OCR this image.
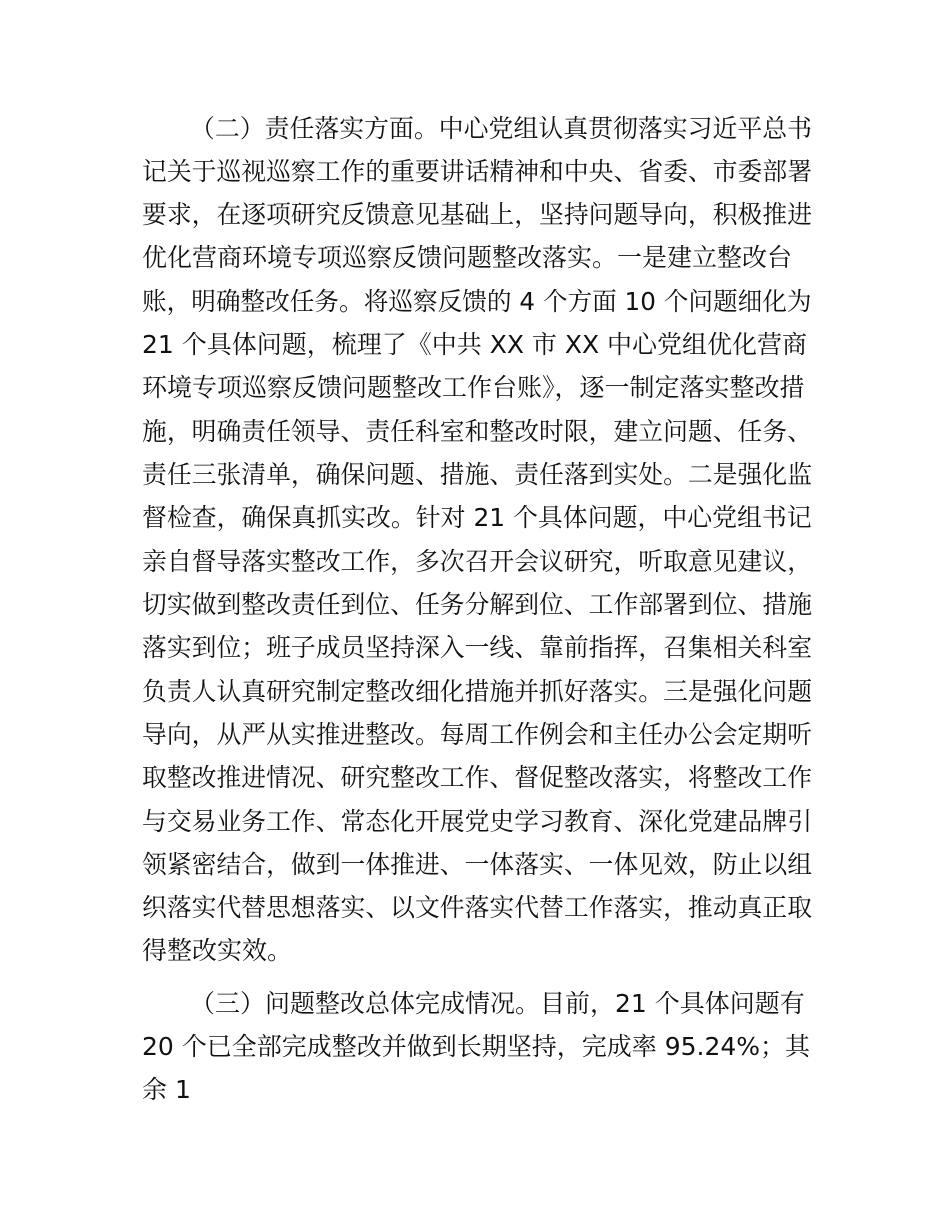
（二）责任落实方面。中心党组认真贯彻落实习近平总书
记关于巡视巡察工作的重要讲话精神和中央、省委、市委部署
要求，在逐项研究反馈意见基础上，坚持问题导向，积极推进
优化营商环境专项巡察反馈问题整改落实。一是建立整改台
账，明确整改任务。将巡察反馈的 4 个方面 10 个问题细化为
21 个具体问题，梳理了《中共 XX 市 XX 中心党组优化营商
环境专项巡察反馈问题整改工作台账》，逐一制定落实整改措
施，明确责任领导、责任科室和整改时限，建立问题、任务、
责任三张清单，确保问题、措施、责任落到实处。二是强化监
督检查，确保真抓实改。针对 21 个具体问题，中心党组书记
亲自督导落实整改工作，多次召开会议研究，听取意见建议，
切实做到整改责任到位、任务分解到位、工作部署到位、措施
落实到位；班子成员坚持深入一线、靠前指挥，召集相关科室
负责人认真研究制定整改细化措施并抓好落实。三是强化问题
导向，从严从实推进整改。每周工作例会和主任办公会定期听
取整改推进情况、研究整改工作、督促整改落实，将整改工作
与交易业务工作、常态化开展党史学习教育、深化党建品牌引
领紧密结合，做到一体推进、一体落实、一体见效，防止以组
织落实代替思想落实、以文件落实代替工作落实，推动真正取
得整改实效。
（三）问题整改总体完成情况。目前，21 个具体问题有
20 个已全部完成整改并做到长期坚持，完成率 95.24%；其
余 1
